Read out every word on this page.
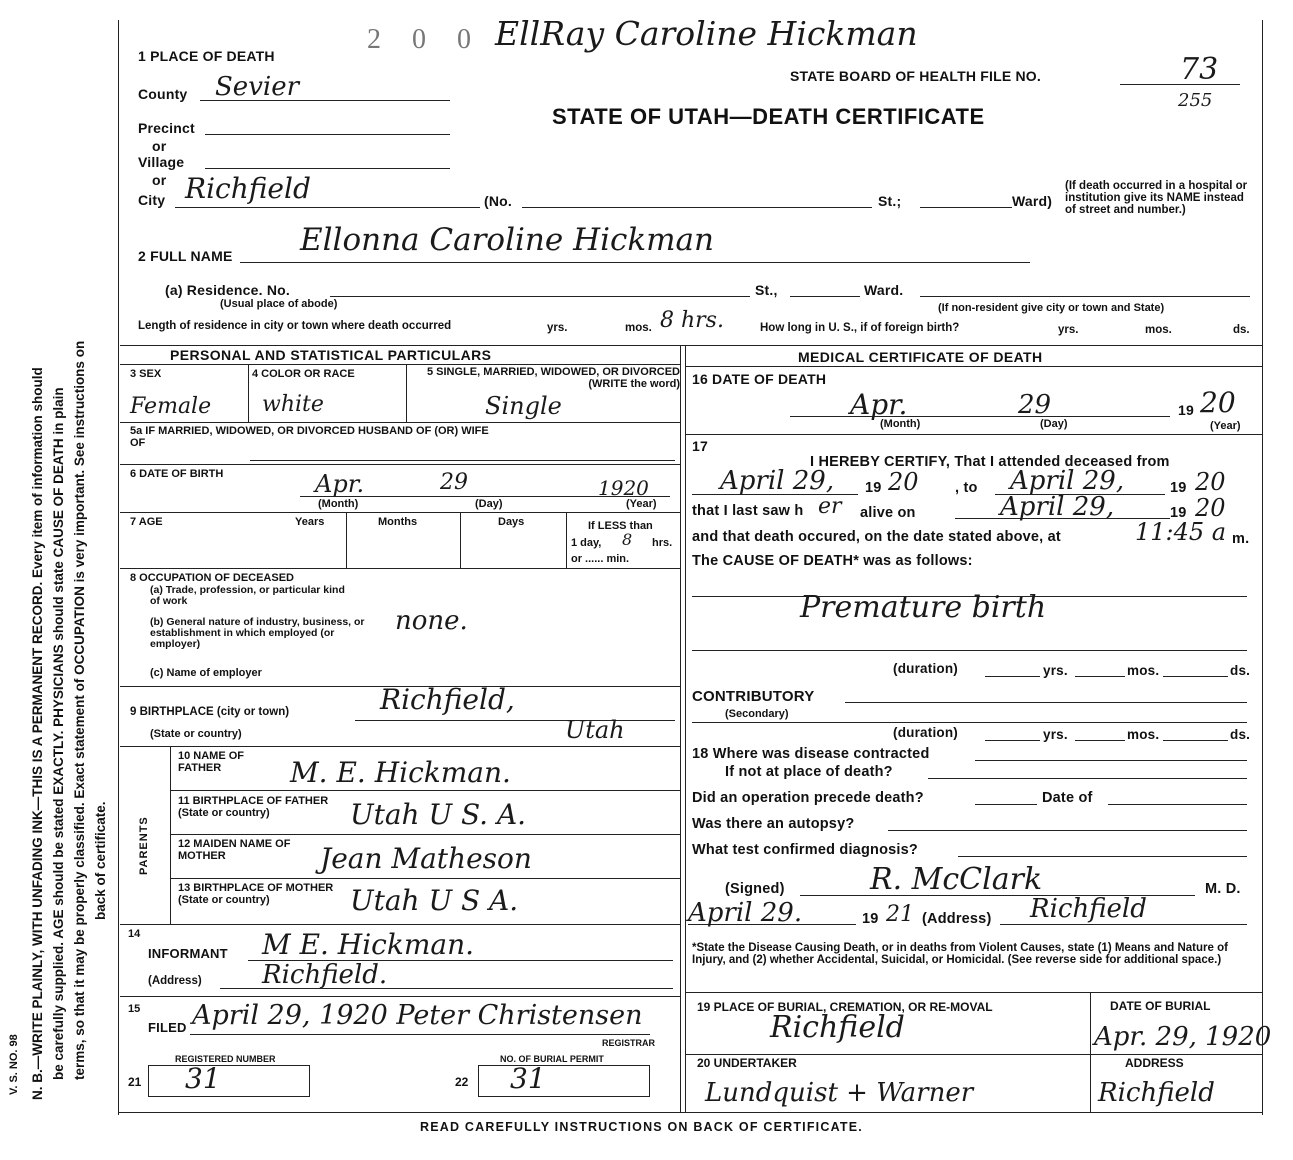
N. B.—WRITE PLAINLY, WITH UNFADING INK—THIS IS A PERMANENT RECORD. Every item of information should be carefully supplied. AGE should be stated EXACTLY. PHYSICIANS should state CAUSE OF DEATH in plain terms, so that it may be properly classified. Exact statement of OCCUPATION is very important. See instructions on back of certificate.
V. S. NO. 98
2 0 0 EllRay Caroline Hickman
STATE BOARD OF HEALTH FILE NO.	73
255
STATE OF UTAH—DEATH CERTIFICATE
1 PLACE OF DEATH
County Sevier
Precinct
or
Village
or
City Richfield	(No.	St.;	Ward)
(If death occurred in a hospital or institution give its NAME instead of street and number.)
2 FULL NAME Ellonna Caroline Hickman
(a) Residence. No.
(Usual place of abode)
St.,	Ward.
(If non-resident give city or town and State)
Length of residence in city or town where death occurred	yrs.	mos. 8 hrs.	How long in U. S., if of foreign birth?	yrs.	mos.	ds.
PERSONAL AND STATISTICAL PARTICULARS
3 SEX	4 COLOR OR RACE	5 SINGLE, MARRIED, WIDOWED, OR DIVORCED (WRITE the word)
Female white	Single
5a IF MARRIED, WIDOWED, OR DIVORCED HUSBAND OF (OR) WIFE OF
6 DATE OF BIRTH	Apr.	29	1920
(Month)	(Day)	(Year)
7 AGE	Years	Months	Days	If LESS than
1 day, 8 hrs.
or ...... min.
8 OCCUPATION OF DECEASED
(a) Trade, profession, or particular kind of work
(b) General nature of industry, business, or establishment in which employed (or employer)
none.
(c) Name of employer
9 BIRTHPLACE (city or town)	Richfield,
(State or country)	Utah
PARENTS
10 NAME OF FATHER	M. E. Hickman.
11 BIRTHPLACE OF FATHER (State or country)	Utah U S. A.
12 MAIDEN NAME OF MOTHER	Jean Matheson
13 BIRTHPLACE OF MOTHER (State or country)	Utah U S A.
14
INFORMANT M E. Hickman.
(Address) Richfield.
15
FILED April 29, 1920 Peter Christensen
REGISTRAR
REGISTERED NUMBER
21 31
NO. OF BURIAL PERMIT
22 31
MEDICAL CERTIFICATE OF DEATH
16 DATE OF DEATH
Apr.	29	19 20
(Month)	(Day)	(Year)
17
I HEREBY CERTIFY, That I attended deceased from
April 29, 19 20	, to April 29,	19 20
that I last saw h er alive on	April 29,	19 20
and that death occured, on the date stated above, at	11:45 a m.
The CAUSE OF DEATH* was as follows:
Premature birth
(duration)	yrs.	mos.	ds.
CONTRIBUTORY
(Secondary)
(duration)	yrs.	mos.	ds.
18 Where was disease contracted
If not at place of death?
Did an operation precede death?	Date of
Was there an autopsy?
What test confirmed diagnosis?
(Signed)	R. McClark	M. D.
April 29.	19 21 (Address) Richfield
*State the Disease Causing Death, or in deaths from Violent Causes, state (1) Means and Nature of Injury, and (2) whether Accidental, Suicidal, or Homicidal. (See reverse side for additional space.)
19 PLACE OF BURIAL, CREMATION, OR RE-MOVAL
Richfield
DATE OF BURIAL
Apr. 29, 1920
20 UNDERTAKER
Lundquist + Warner
ADDRESS
Richfield
READ CAREFULLY INSTRUCTIONS ON BACK OF CERTIFICATE.
